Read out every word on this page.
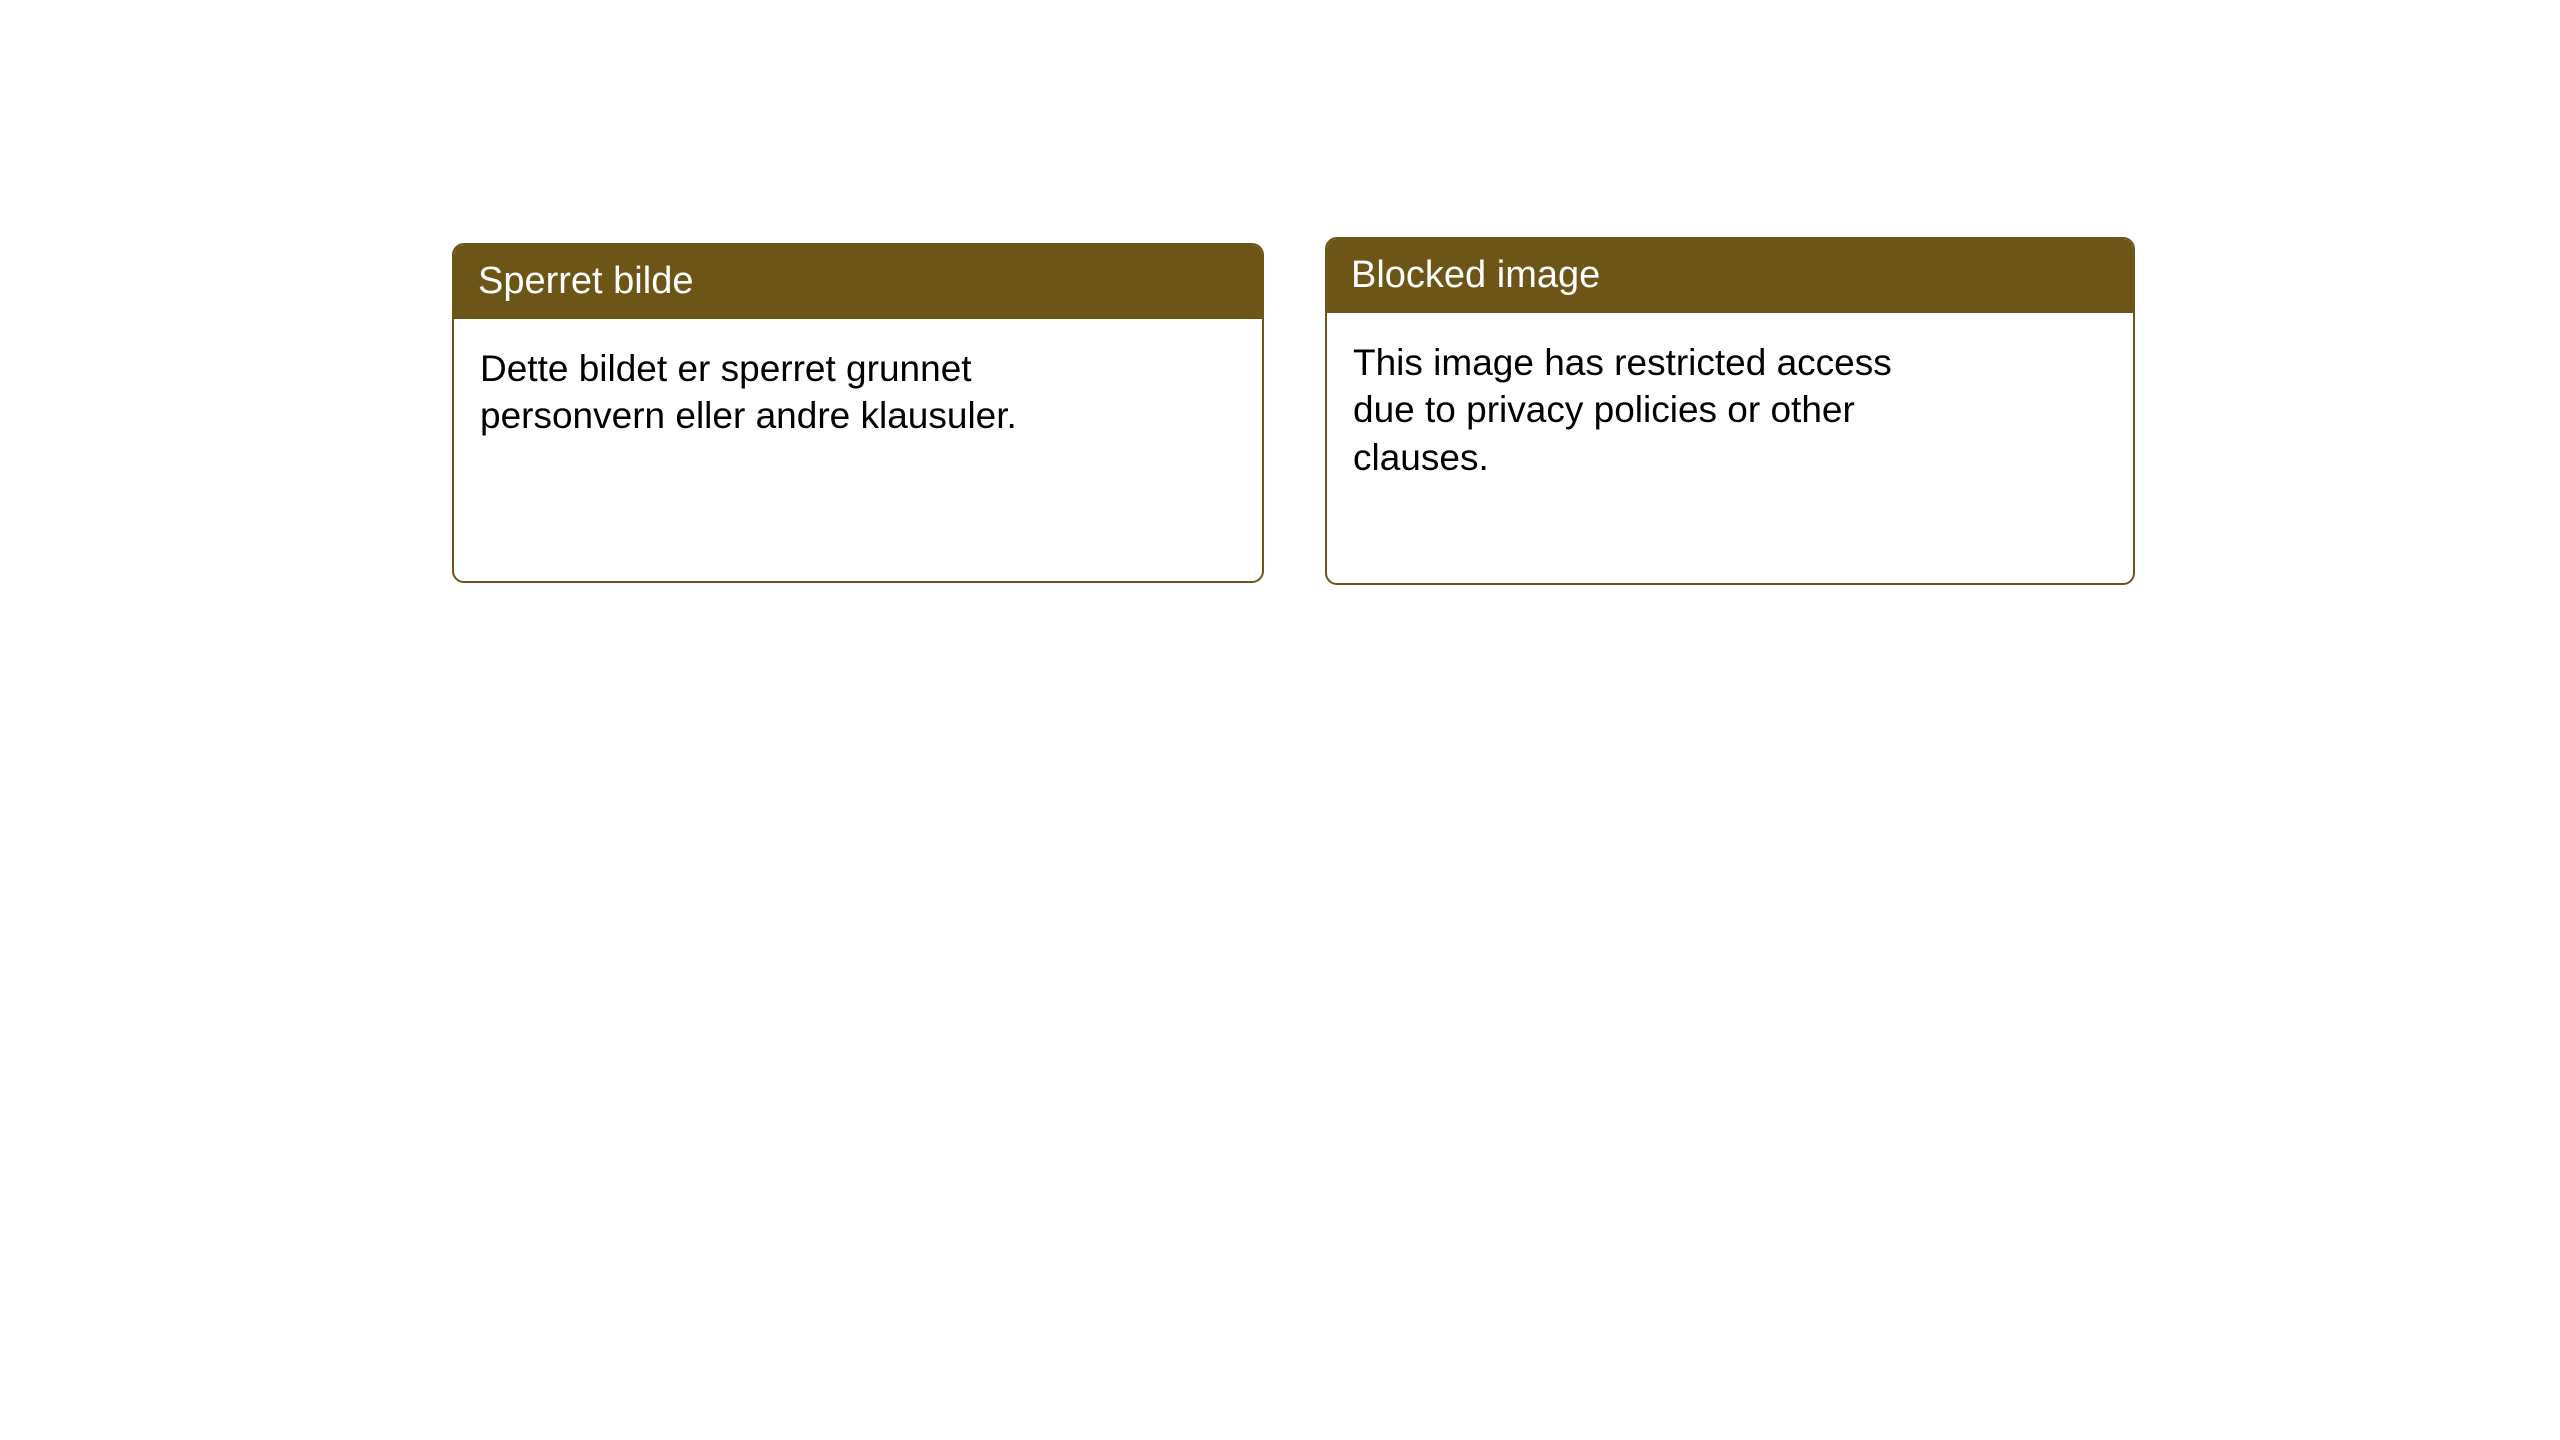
Sperret bilde
Dette bildet er sperret grunnet personvern eller andre klausuler.
Blocked image
This image has restricted access due to privacy policies or other clauses.
